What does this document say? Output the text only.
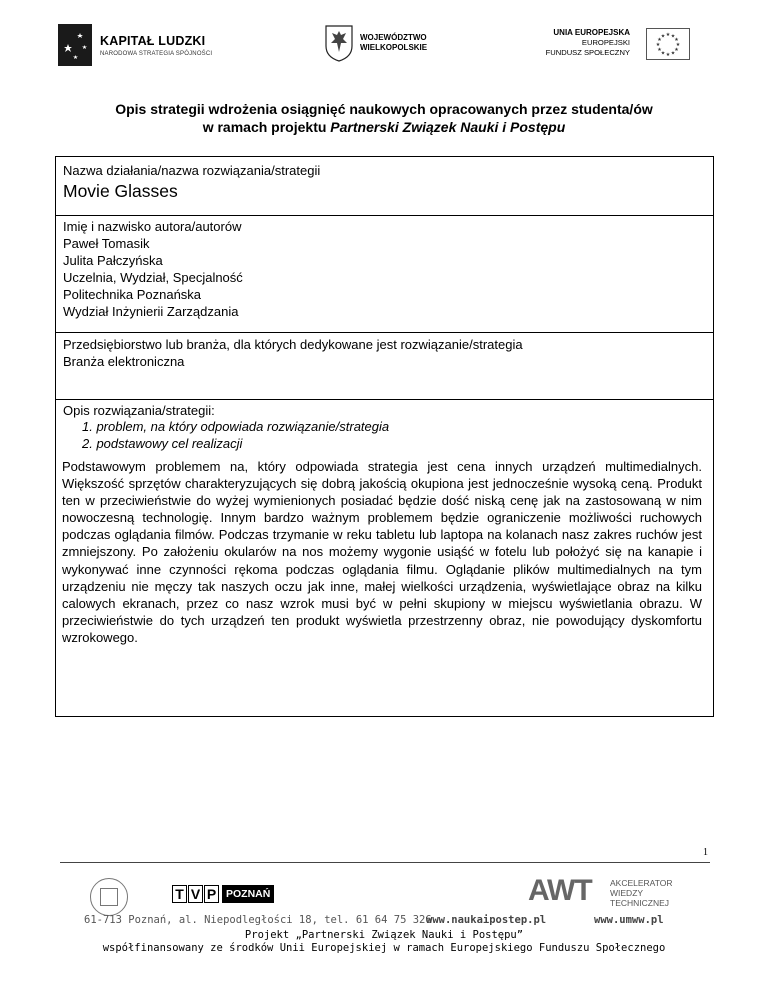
KAPITAŁ LUDZKI
NARODOWA STRATEGIA SPÓJNOŚCI
WOJEWÓDZTWO
WIELKOPOLSKIE
UNIA EUROPEJSKA
EUROPEJSKI
FUNDUSZ SPOŁECZNY
★ ★
★
★
★
★
★
★
★
★
★
★
Opis strategii wdrożenia osiągnięć naukowych opracowanych przez studenta/ów
w ramach projektu Partnerski Związek Nauki i Postępu
Nazwa działania/nazwa rozwiązania/strategii
Movie Glasses
Imię i nazwisko autora/autorów
Paweł Tomasik
Julita Pałczyńska
Uczelnia, Wydział, Specjalność
Politechnika Poznańska
Wydział Inżynierii Zarządzania
Przedsiębiorstwo lub branża, dla których dedykowane jest rozwiązanie/strategia
Branża elektroniczna
Opis rozwiązania/strategii:
1. problem, na który odpowiada rozwiązanie/strategia
2. podstawowy cel realizacji
Podstawowym problemem na, który odpowiada strategia jest cena innych urządzeń multimedialnych. Większość sprzętów charakteryzujących się dobrą jakością okupiona jest jednocześnie wysoką ceną. Produkt ten w przeciwieństwie do wyżej wymienionych posiadać będzie dość niską cenę jak na zastosowaną w nim nowoczesną technologię. Innym bardzo ważnym problemem będzie ograniczenie możliwości ruchowych podczas oglądania filmów. Podczas trzymanie w reku tabletu lub laptopa na kolanach nasz zakres ruchów jest zmniejszony. Po założeniu okularów na nos możemy wygonie usiąść w fotelu lub położyć się na kanapie i wykonywać inne czynności rękoma podczas oglądania filmu. Oglądanie plików multimedialnych na tym urządzeniu nie męczy tak naszych oczu jak inne, małej wielkości urządzenia, wyświetlające obraz na kilku calowych ekranach, przez co nasz wzrok musi być w pełni skupiony w miejscu wyświetlania obrazu. W przeciwieństwie do tych urządzeń ten produkt wyświetla przestrzenny obraz, nie powodujący dyskomfortu wzrokowego.
1
T V P POZNAŃ	AWT AKCELERATOR
WIEDZY
TECHNICZNEJ
61-713 Poznań, al. Niepodległości 18, tel. 61 64 75 326
www.naukaipostep.pl	www.umww.pl
Projekt „Partnerski Związek Nauki i Postępu”
współfinansowany ze środków Unii Europejskiej w ramach Europejskiego Funduszu Społecznego
